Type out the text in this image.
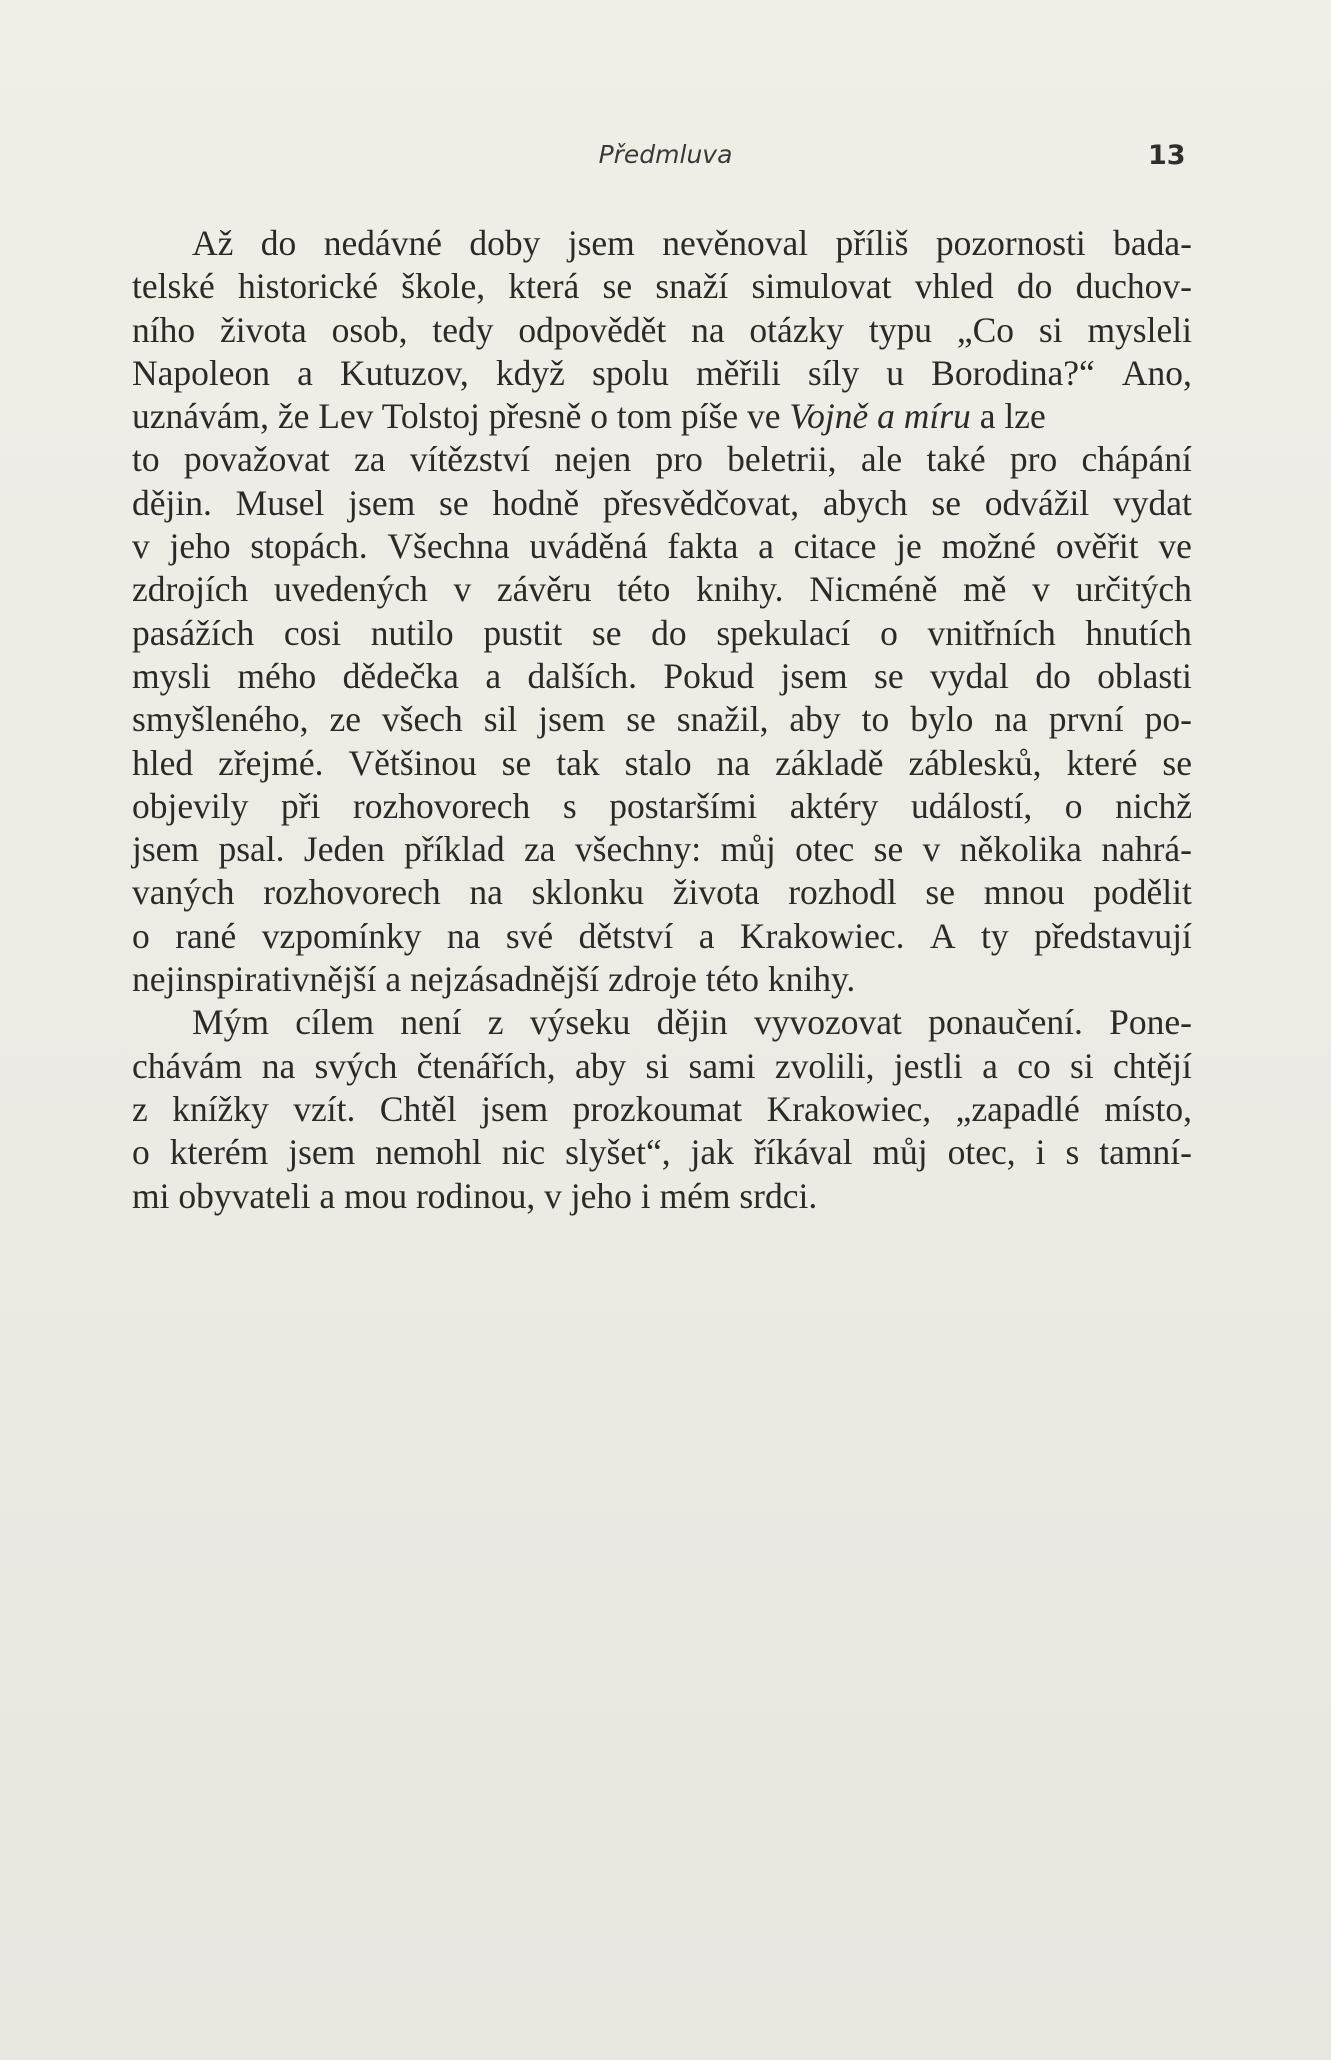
Předmluva	13
Až do nedávné doby jsem nevěnoval příliš pozornosti bada-
telské historické škole, která se snaží simulovat vhled do duchov-
ního života osob, tedy odpovědět na otázky typu „Co si mysleli
Napoleon a Kutuzov, když spolu měřili síly u Borodina?“ Ano,
uznávám, že Lev Tolstoj přesně o tom píše ve Vojně a míru a lze
to považovat za vítězství nejen pro beletrii, ale také pro chápání
dějin. Musel jsem se hodně přesvědčovat, abych se odvážil vydat
v jeho stopách. Všechna uváděná fakta a citace je možné ověřit ve
zdrojích uvedených v závěru této knihy. Nicméně mě v určitých
pasážích cosi nutilo pustit se do spekulací o vnitřních hnutích
mysli mého dědečka a dalších. Pokud jsem se vydal do oblasti
smyšleného, ze všech sil jsem se snažil, aby to bylo na první po-
hled zřejmé. Většinou se tak stalo na základě záblesků, které se
objevily při rozhovorech s postaršími aktéry událostí, o nichž
jsem psal. Jeden příklad za všechny: můj otec se v několika nahrá-
vaných rozhovorech na sklonku života rozhodl se mnou podělit
o rané vzpomínky na své dětství a Krakowiec. A ty představují
nejinspirativnější a nejzásadnější zdroje této knihy.
Mým cílem není z výseku dějin vyvozovat ponaučení. Pone-
chávám na svých čtenářích, aby si sami zvolili, jestli a co si chtějí
z knížky vzít. Chtěl jsem prozkoumat Krakowiec, „zapadlé místo,
o kterém jsem nemohl nic slyšet“, jak říkával můj otec, i s tamní-
mi obyvateli a mou rodinou, v jeho i mém srdci.
